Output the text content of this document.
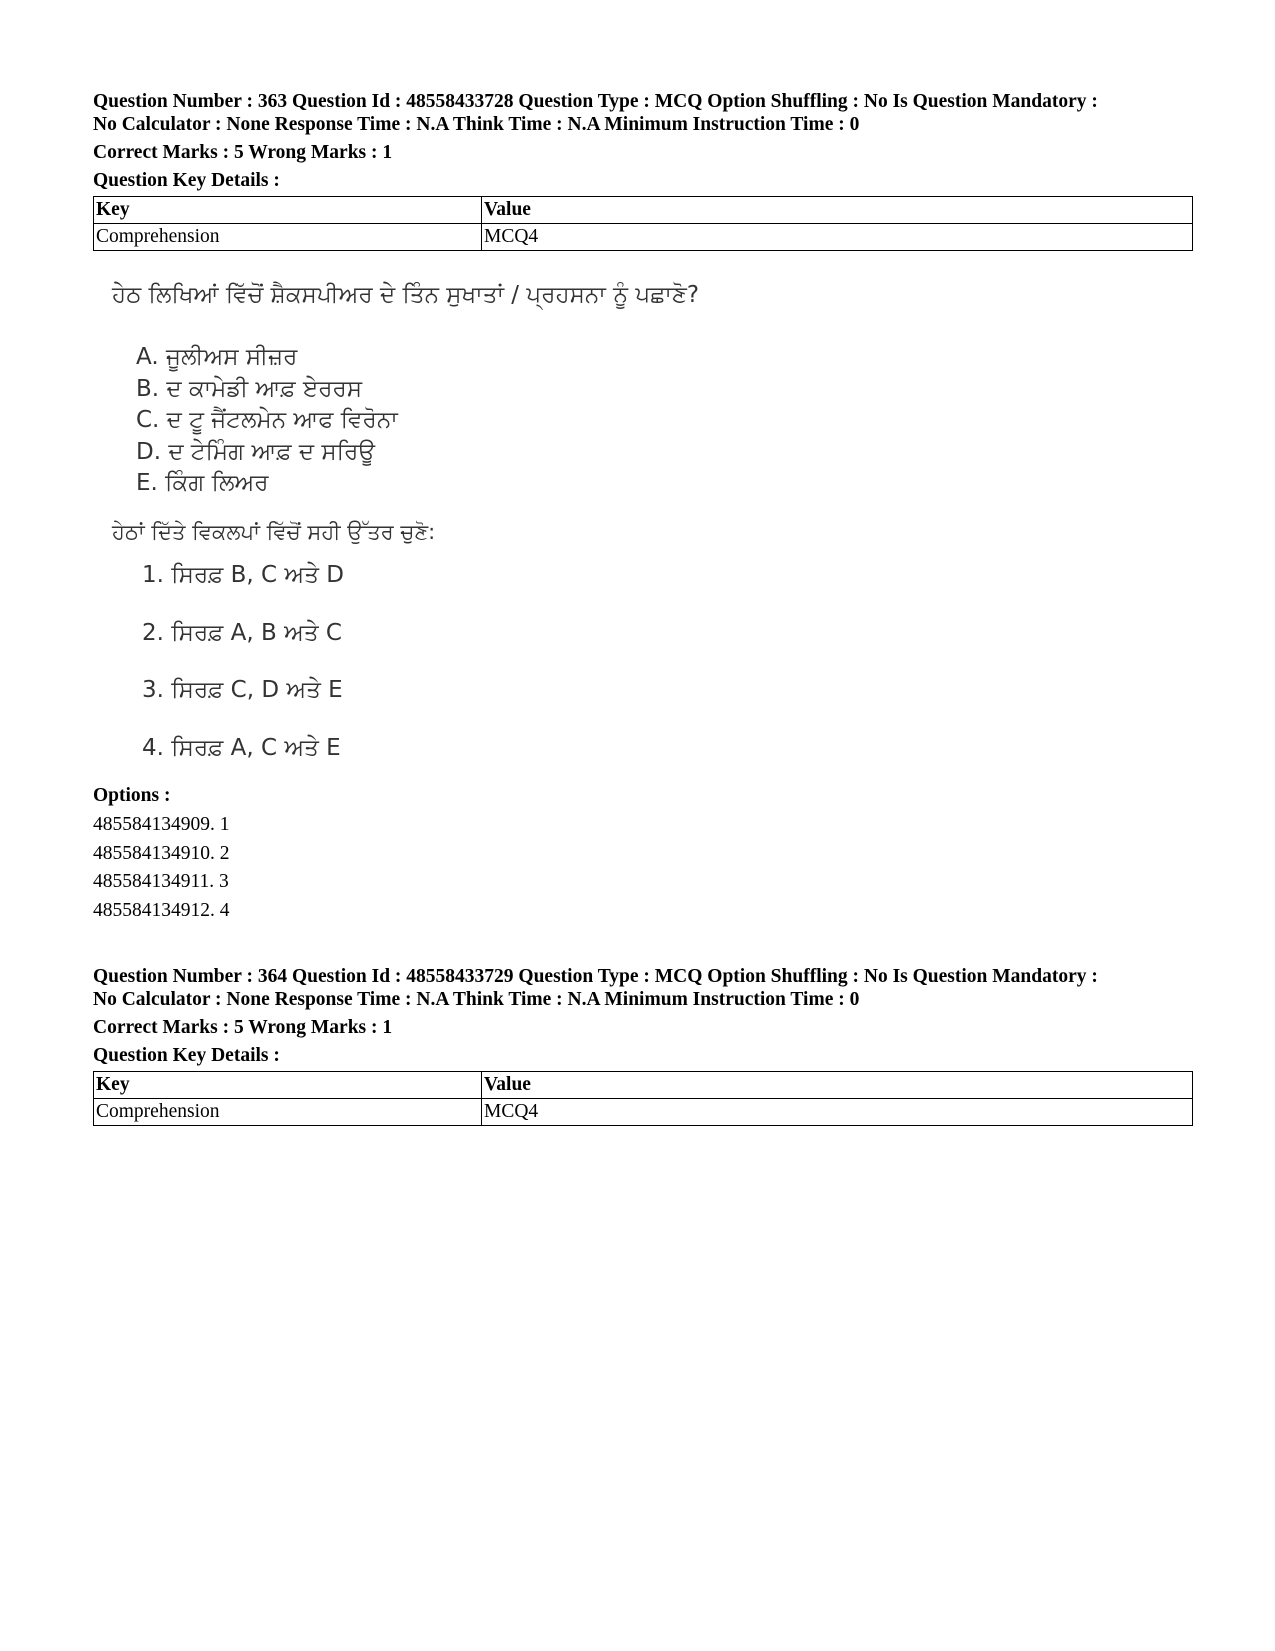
Question Number : 363 Question Id : 48558433728 Question Type : MCQ Option Shuffling : No Is Question Mandatory :
No Calculator : None Response Time : N.A Think Time : N.A Minimum Instruction Time : 0

Correct Marks : 5 Wrong Marks : 1

Question Key Details :

Key	Value
Comprehension	MCQ4
ਹੇਠ ਲਿਖਿਆਂ ਵਿੱਚੋਂ ਸ਼ੈਕਸਪੀਅਰ ਦੇ ਤਿੰਨ ਸੁਖਾਤਾਂ / ਪ੍ਰਹਸਨਾ ਨੂੰ ਪਛਾਣੋ?
A. ਜੂਲੀਅਸ ਸੀਜ਼ਰ
B. ਦ ਕਾਮੇਡੀ ਆਫ਼ ਏਰਰਸ
C. ਦ ਟੂ ਜੈਂਟਲਮੇਨ ਆਫ ਵਿਰੋਨਾ
D. ਦ ਟੇਮਿੰਗ ਆਫ਼ ਦ ਸਰਿਊ
E. ਕਿੰਗ ਲਿਅਰ
ਹੇਠਾਂ ਦਿੱਤੇ ਵਿਕਲਪਾਂ ਵਿੱਚੋਂ ਸਹੀ ਉੱਤਰ ਚੁਣੋ:
1. ਸਿਰਫ਼ B, C ਅਤੇ D
2. ਸਿਰਫ਼ A, B ਅਤੇ C
3. ਸਿਰਫ਼ C, D ਅਤੇ E
4. ਸਿਰਫ਼ A, C ਅਤੇ E

Options :

485584134909. 1
485584134910. 2
485584134911. 3
485584134912. 4

Question Number : 364 Question Id : 48558433729 Question Type : MCQ Option Shuffling : No Is Question Mandatory :
No Calculator : None Response Time : N.A Think Time : N.A Minimum Instruction Time : 0

Correct Marks : 5 Wrong Marks : 1

Question Key Details :

Key	Value
Comprehension	MCQ4
